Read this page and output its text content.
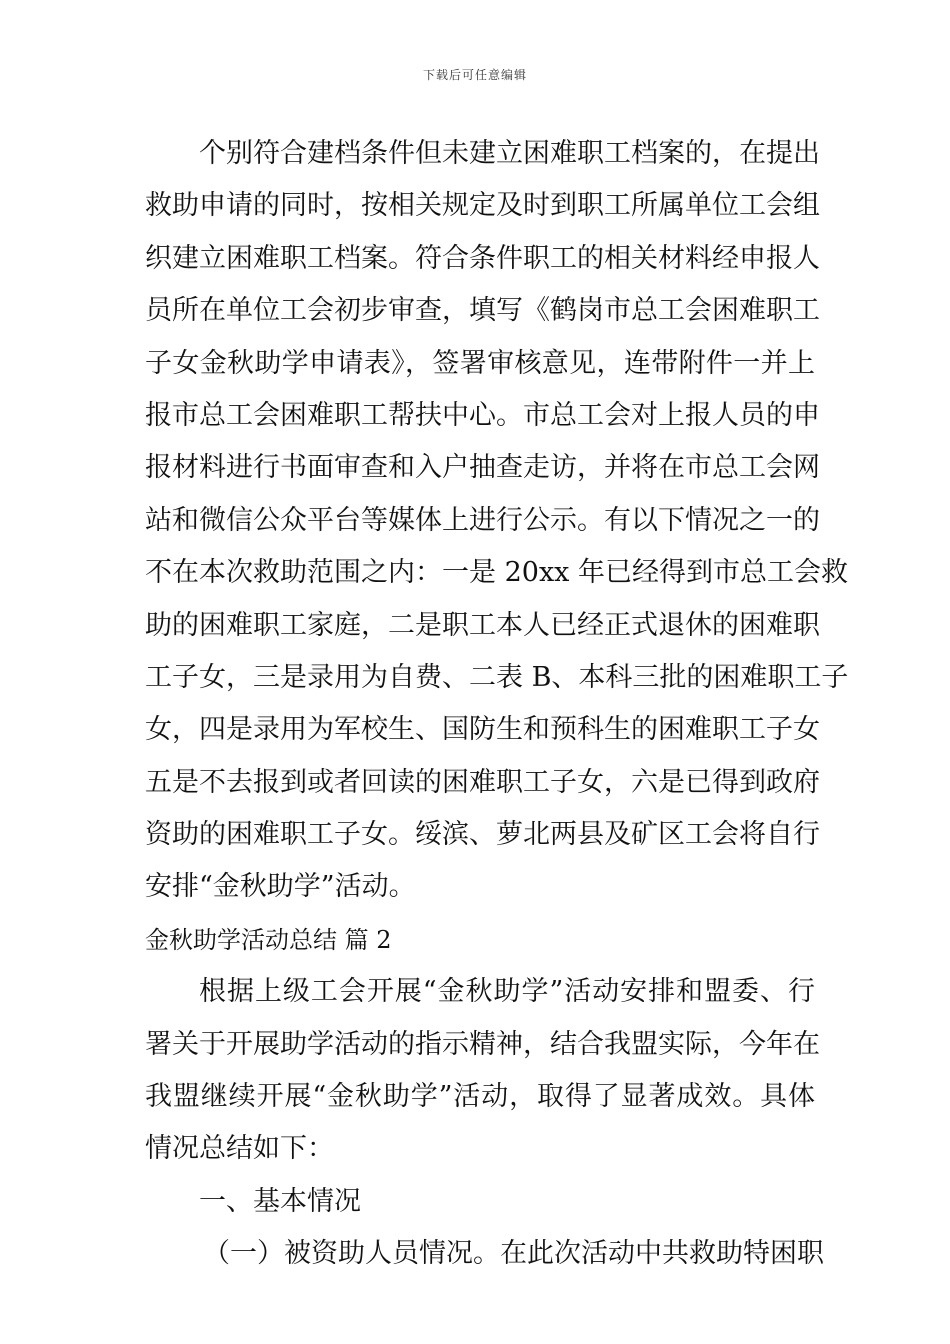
下载后可任意编辑
个别符合建档条件但未建立困难职工档案的，在提出
救助申请的同时，按相关规定及时到职工所属单位工会组
织建立困难职工档案。符合条件职工的相关材料经申报人
员所在单位工会初步审查，填写《鹤岗市总工会困难职工
子女金秋助学申请表》，签署审核意见，连带附件一并上
报市总工会困难职工帮扶中心。市总工会对上报人员的申
报材料进行书面审查和入户抽查走访，并将在市总工会网
站和微信公众平台等媒体上进行公示。有以下情况之一的
不在本次救助范围之内：一是 20xx 年已经得到市总工会救
助的困难职工家庭，二是职工本人已经正式退休的困难职
工子女，三是录用为自费、二表 B、本科三批的困难职工子
女，四是录用为军校生、国防生和预科生的困难职工子女
五是不去报到或者回读的困难职工子女，六是已得到政府
资助的困难职工子女。绥滨、萝北两县及矿区工会将自行
安排“金秋助学”活动。
金秋助学活动总结 篇 2
根据上级工会开展“金秋助学”活动安排和盟委、行
署关于开展助学活动的指示精神，结合我盟实际，今年在
我盟继续开展“金秋助学”活动，取得了显著成效。具体
情况总结如下：
一、基本情况
（一）被资助人员情况。在此次活动中共救助特困职
